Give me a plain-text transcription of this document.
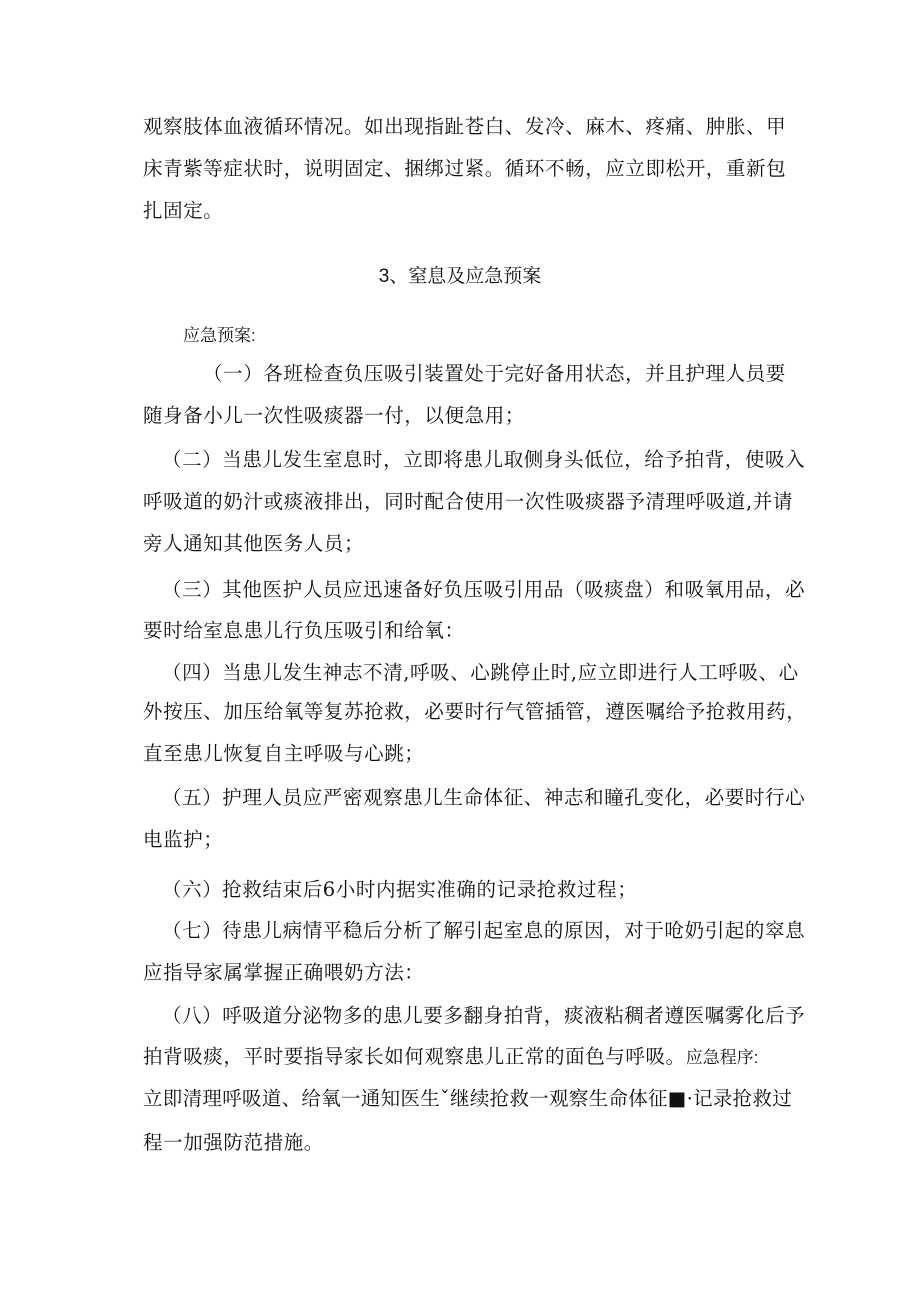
观察肢体血液循环情况。如出现指趾苍白、发冷、麻木、疼痛、肿胀、甲
床青紫等症状时，说明固定、捆绑过紧。循环不畅，应立即松开，重新包
扎固定。
3、窒息及应急预案
应急预案:
（一）各班检查负压吸引装置处于完好备用状态，并且护理人员要
随身备小儿一次性吸痰器一付，以便急用；
（二）当患儿发生室息时，立即将患儿取侧身头低位，给予拍背，使吸入
呼吸道的奶汁或痰液排出，同时配合使用一次性吸痰器予清理呼吸道,并请
旁人通知其他医务人员；
（三）其他医护人员应迅速备好负压吸引用品（吸痰盘）和吸氧用品，必
要时给室息患儿行负压吸引和给氧：
（四）当患儿发生神志不清,呼吸、心跳停止时,应立即进行人工呼吸、心
外按压、加压给氧等复苏抢救，必要时行气管插管，遵医嘱给予抢救用药，
直至患儿恢复自主呼吸与心跳；
（五）护理人员应严密观察患儿生命体征、神志和瞳孔变化，必要时行心
电监护；
（六）抢救结束后6小时内据实准确的记录抢救过程；
（七）待患儿病情平稳后分析了解引起室息的原因，对于呛奶引起的窣息
应指导家属掌握正确喂奶方法：
（八）呼吸道分泌物多的患儿要多翻身拍背，痰液粘稠者遵医嘱雾化后予
拍背吸痰，平时要指导家长如何观察患儿正常的面色与呼吸。应急程序:
立即清理呼吸道、给氧一通知医生ˇ继续抢救一观察生命体征■·记录抢救过
程一加强防范措施。
